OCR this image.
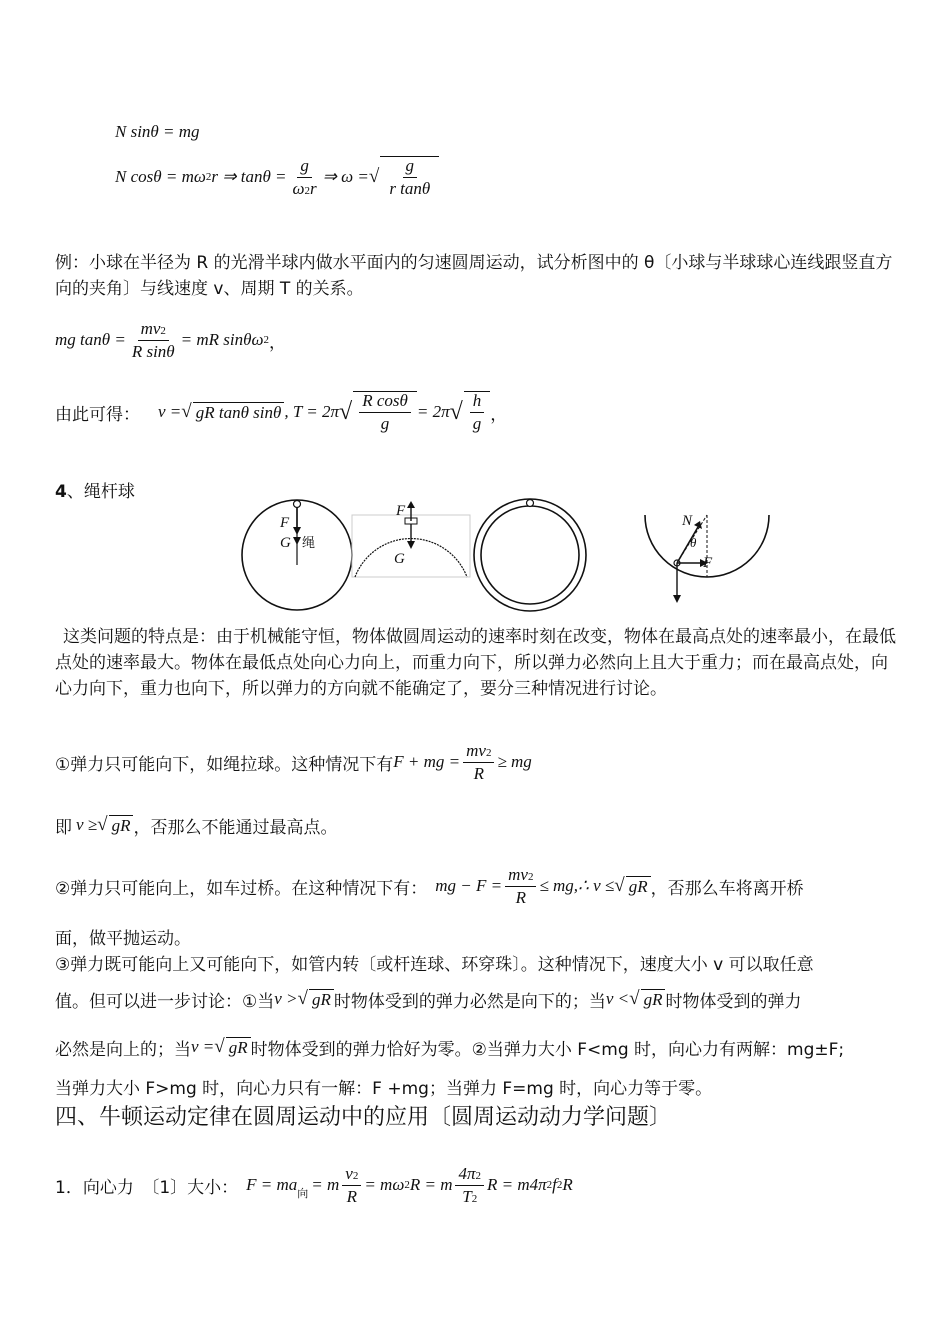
N sinθ = mg
N cosθ = mω 2 r ⇒ $\tan\theta = \frac{g}{\omega 2r}$ ⇒ ω = √ $\frac{g}{\text{r tanθ}}$
例：小球在半径为 R 的光滑半球内做水平面内的匀速圆周运动，试分析图中的 θ〔小球与半球球心连线跟竖直方向的夹角〕与线速度 v、周期 T 的关系。
mg $\tan\theta = \frac{mv2}{\text{R sinθ}}$ = mR sinθω 2 ，
由此可得： v = √ gR tanθ sinθ , T = 2π √ $\frac{\text{R cosθ}}{g} = 2\pi$ √ $\frac{h}{g}$ ，
4、绳杆球
F
G 绳
F
G
N
θ
F
这类问题的特点是：由于机械能守恒，物体做圆周运动的速率时刻在改变，物体在最高点处的速率最小，在最低点处的速率最大。物体在最低点处向心力向上，而重力向下，所以弹力必然向上且大于重力；而在最高点处，向心力向下，重力也向下，所以弹力的方向就不能确定了，要分三种情况进行讨论。
①弹力只可能向下，如绳拉球。这种情况下有 F + mg = $\frac{mv2}{R}$ ≥ mg
即 v ≥ √ gR ，否那么不能通过最高点。
②弹力只可能向上，如车过桥。在这种情况下有： mg − $F = \frac{mv2}{R}$ ≤ mg,∴ v ≤ √ gR ，否那么车将离开桥
面，做平抛运动。
③弹力既可能向上又可能向下，如管内转〔或杆连球、环穿珠〕。这种情况下，速度大小 v 可以取任意
值。但可以进一步讨论：①当 v > √ gR 时物体受到的弹力必然是向下的；当 v < √ gR 时物体受到的弹力
必然是向上的；当 v = √ gR 时物体受到的弹力恰好为零。②当弹力大小 F<mg 时，向心力有两解：mg±F;
当弹力大小 F>mg 时，向心力只有一解：F +mg；当弹力 F=mg 时，向心力等于零。
四、牛顿运动定律在圆周运动中的应用〔圆周运动动力学问题〕
1．向心力　〔1〕大小： F = ma 向 = m $\frac{v2}{R} = m\omega$ 2 R = m $\frac{4\pi 2}{T2}$ R = m4π 2 f 2 R
